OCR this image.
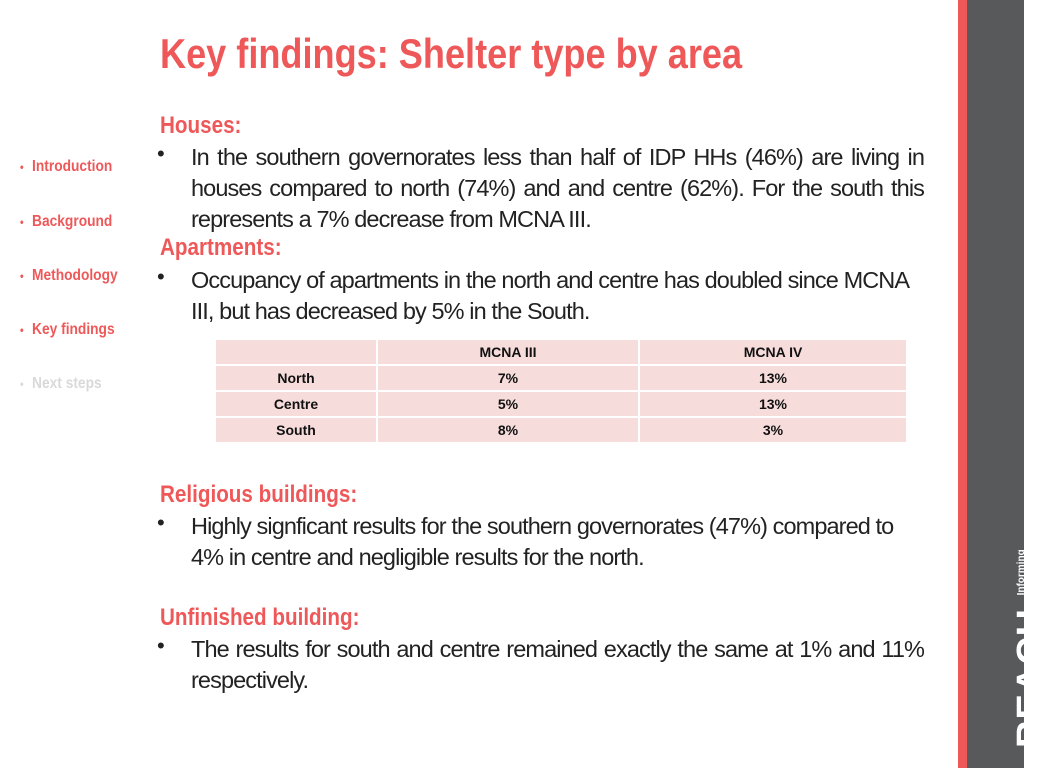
Key findings: Shelter type by area
• Introduction
• Background
• Methodology
• Key findings
• Next steps
Houses:
• In the southern governorates less than half of IDP HHs (46%) are living in houses compared to north (74%) and and centre (62%). For the south this represents a 7% decrease from MCNA III.

Apartments:
• Occupancy of apartments in the north and centre has doubled since MCNA III, but has decreased by 5% in the South.

	MCNA III	MCNA IV
North	7%	13%
Centre	5%	13%
South	8%	3%
Religious buildings:
• Highly signficant results for the southern governorates (47%) compared to 4% in centre and negligible results for the north.

Unfinished building:
• The results for south and centre remained exactly the same at 1% and 11% respectively.	REACH Informing
more effective
humanitarian action
